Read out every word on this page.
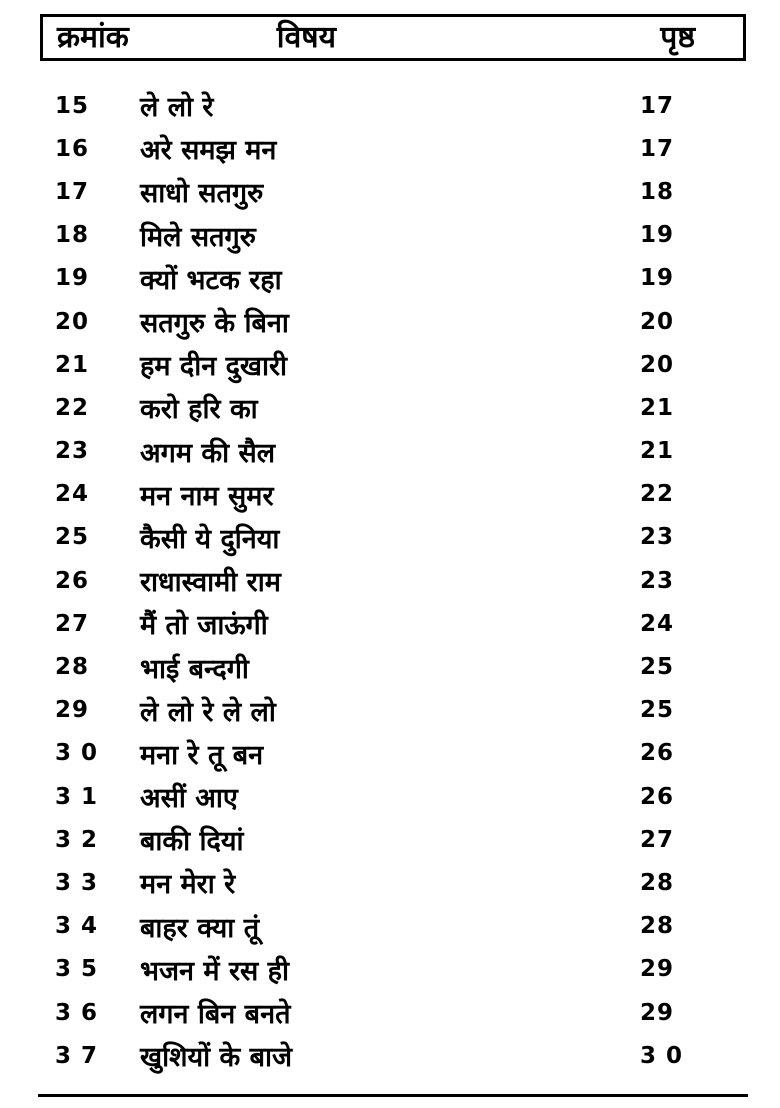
क्रमांक	विषय	पृष्ठ
15	ले लो रे	17
16	अरे समझ मन	17
17	साधो सतगुरु	18
18	मिले सतगुरु	19
19	क्यों भटक रहा	19
20	सतगुरु के बिना	20
21	हम दीन दुखारी	20
22	करो हरि का	21
23	अगम की सैल	21
24	मन नाम सुमर	22
25	कैसी ये दुनिया	23
26	राधास्वामी राम	23
27	मैं तो जाऊंगी	24
28	भाई बन्दगी	25
29	ले लो रे ले लो	25
3 0	मना रे तू बन	26
3 1	असीं आए	26
3 2	बाकी दियां	27
3 3	मन मेरा रे	28
3 4	बाहर क्या तूं	28
3 5	भजन में रस ही	29
3 6	लगन बिन बनते	29
3 7	खुशियों के बाजे	3 0
